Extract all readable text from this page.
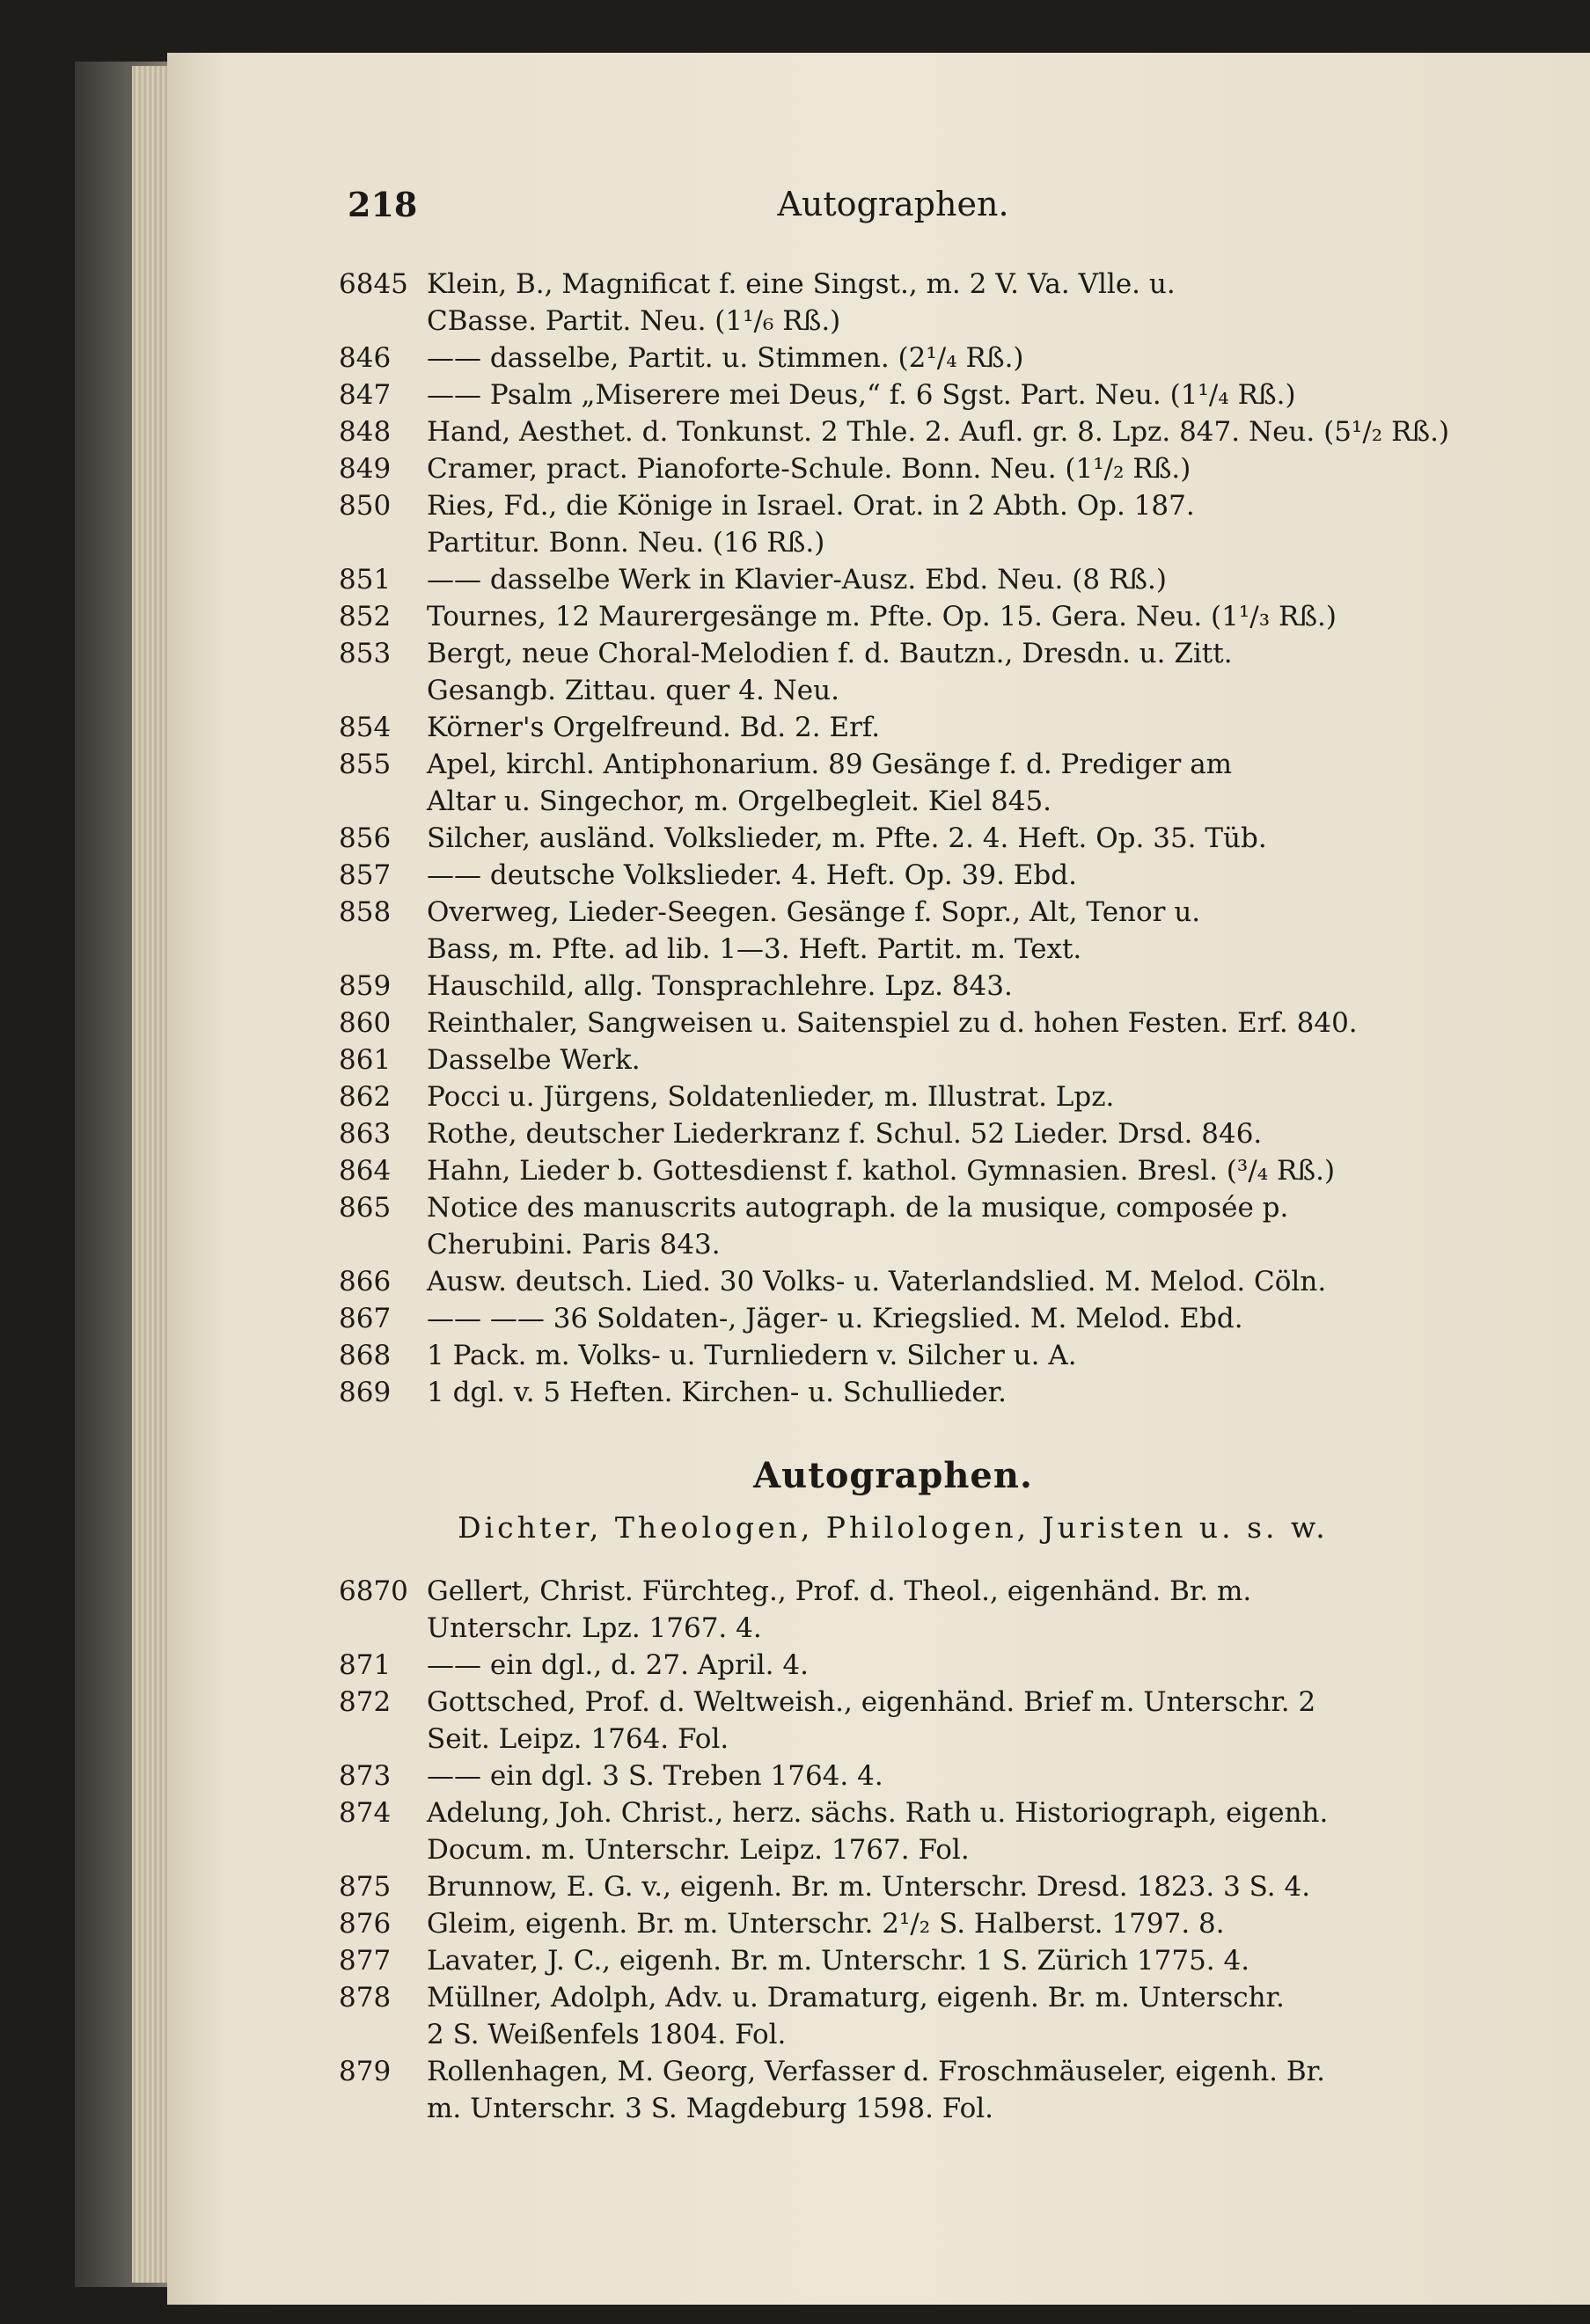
218	Autographen.
6845 Klein, B., Magnificat f. eine Singst., m. 2 V. Va. Vlle. u.
CBasse. Partit. Neu. (1¹/₆ Rß.)
846	—— dasselbe, Partit. u. Stimmen. (2¹/₄ Rß.)
847	—— Psalm „Miserere mei Deus,“ f. 6 Sgst. Part. Neu. (1¹/₄ Rß.)
848	Hand, Aesthet. d. Tonkunst. 2 Thle. 2. Aufl. gr. 8. Lpz. 847. Neu. (5¹/₂ Rß.)
849	Cramer, pract. Pianoforte-Schule. Bonn. Neu. (1¹/₂ Rß.)
850	Ries, Fd., die Könige in Israel. Orat. in 2 Abth. Op. 187.
Partitur. Bonn. Neu. (16 Rß.)
851	—— dasselbe Werk in Klavier-Ausz. Ebd. Neu. (8 Rß.)
852	Tournes, 12 Maurergesänge m. Pfte. Op. 15. Gera. Neu. (1¹/₃ Rß.)
853	Bergt, neue Choral-Melodien f. d. Bautzn., Dresdn. u. Zitt.
Gesangb. Zittau. quer 4. Neu.
854	Körner's Orgelfreund. Bd. 2. Erf.
855	Apel, kirchl. Antiphonarium. 89 Gesänge f. d. Prediger am
Altar u. Singechor, m. Orgelbegleit. Kiel 845.
856	Silcher, ausländ. Volkslieder, m. Pfte. 2. 4. Heft. Op. 35. Tüb.
857	—— deutsche Volkslieder. 4. Heft. Op. 39. Ebd.
858	Overweg, Lieder-Seegen. Gesänge f. Sopr., Alt, Tenor u.
Bass, m. Pfte. ad lib. 1—3. Heft. Partit. m. Text.
859	Hauschild, allg. Tonsprachlehre. Lpz. 843.
860	Reinthaler, Sangweisen u. Saitenspiel zu d. hohen Festen. Erf. 840.
861	Dasselbe Werk.
862	Pocci u. Jürgens, Soldatenlieder, m. Illustrat. Lpz.
863	Rothe, deutscher Liederkranz f. Schul. 52 Lieder. Drsd. 846.
864	Hahn, Lieder b. Gottesdienst f. kathol. Gymnasien. Bresl. (³/₄ Rß.)
865	Notice des manuscrits autograph. de la musique, composée p.
Cherubini. Paris 843.
866	Ausw. deutsch. Lied. 30 Volks- u. Vaterlandslied. M. Melod. Cöln.
867	—— —— 36 Soldaten-, Jäger- u. Kriegslied. M. Melod. Ebd.
868	1 Pack. m. Volks- u. Turnliedern v. Silcher u. A.
869	1 dgl. v. 5 Heften. Kirchen- u. Schullieder.
Autographen.
Dichter, Theologen, Philologen, Juristen u. s. w.
6870 Gellert, Christ. Fürchteg., Prof. d. Theol., eigenhänd. Br. m.
Unterschr. Lpz. 1767. 4.
871	—— ein dgl., d. 27. April. 4.
872	Gottsched, Prof. d. Weltweish., eigenhänd. Brief m. Unterschr. 2
Seit. Leipz. 1764. Fol.
873	—— ein dgl. 3 S. Treben 1764. 4.
874	Adelung, Joh. Christ., herz. sächs. Rath u. Historiograph, eigenh.
Docum. m. Unterschr. Leipz. 1767. Fol.
875	Brunnow, E. G. v., eigenh. Br. m. Unterschr. Dresd. 1823. 3 S. 4.
876	Gleim, eigenh. Br. m. Unterschr. 2¹/₂ S. Halberst. 1797. 8.
877	Lavater, J. C., eigenh. Br. m. Unterschr. 1 S. Zürich 1775. 4.
878	Müllner, Adolph, Adv. u. Dramaturg, eigenh. Br. m. Unterschr.
2 S. Weißenfels 1804. Fol.
879	Rollenhagen, M. Georg, Verfasser d. Froschmäuseler, eigenh. Br.
m. Unterschr. 3 S. Magdeburg 1598. Fol.
